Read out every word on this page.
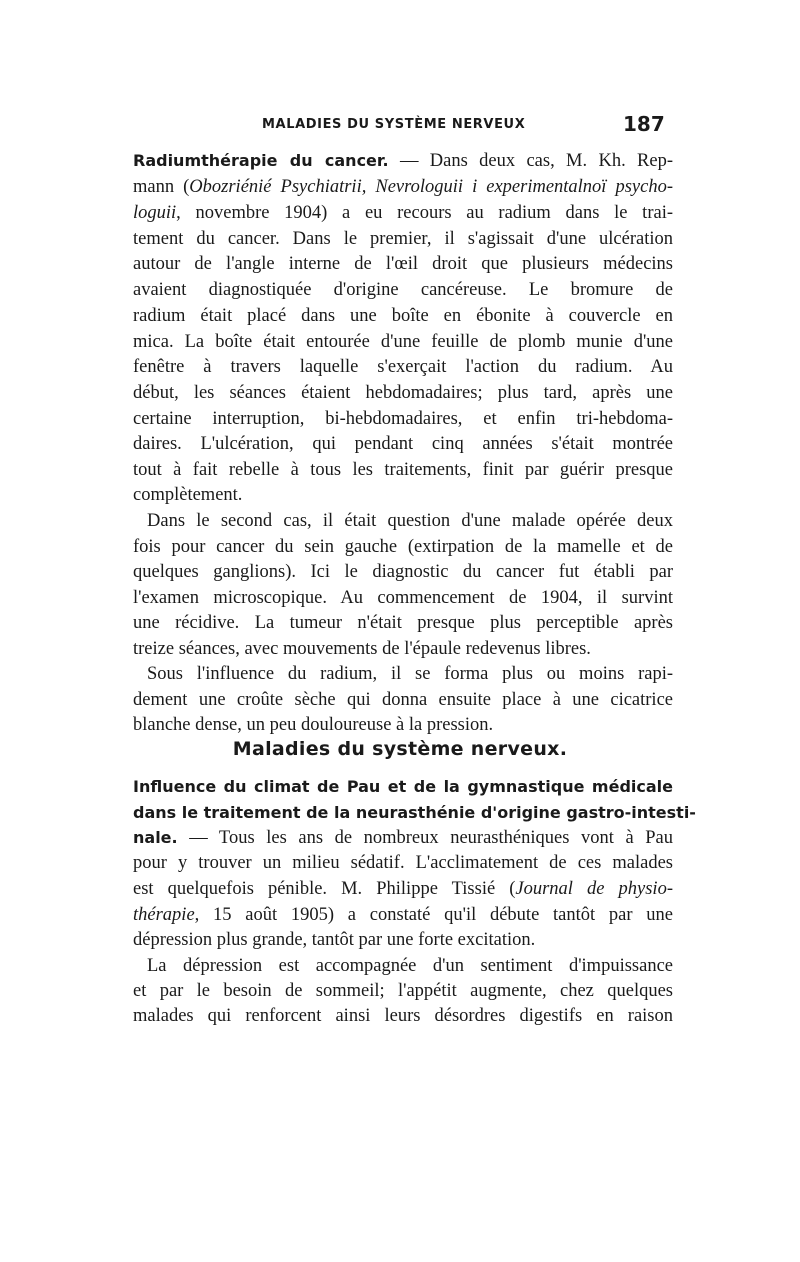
MALADIES DU SYSTÈME NERVEUX	187
Radiumthérapie du cancer. — Dans deux cas, M. Kh. Rep-
mann (Obozriénié Psychiatrii, Nevrologuii i experimentalnoï psycho-
loguii, novembre 1904) a eu recours au radium dans le trai-
tement du cancer. Dans le premier, il s'agissait d'une ulcération
autour de l'angle interne de l'œil droit que plusieurs médecins
avaient diagnostiquée d'origine cancéreuse. Le bromure de
radium était placé dans une boîte en ébonite à couvercle en
mica. La boîte était entourée d'une feuille de plomb munie d'une
fenêtre à travers laquelle s'exerçait l'action du radium. Au
début, les séances étaient hebdomadaires; plus tard, après une
certaine interruption, bi-hebdomadaires, et enfin tri-hebdoma-
daires. L'ulcération, qui pendant cinq années s'était montrée
tout à fait rebelle à tous les traitements, finit par guérir presque
complètement.
Dans le second cas, il était question d'une malade opérée deux
fois pour cancer du sein gauche (extirpation de la mamelle et de
quelques ganglions). Ici le diagnostic du cancer fut établi par
l'examen microscopique. Au commencement de 1904, il survint
une récidive. La tumeur n'était presque plus perceptible après
treize séances, avec mouvements de l'épaule redevenus libres.
Sous l'influence du radium, il se forma plus ou moins rapi-
dement une croûte sèche qui donna ensuite place à une cicatrice
blanche dense, un peu douloureuse à la pression.
Maladies du système nerveux.
Influence du climat de Pau et de la gymnastique médicale
dans le traitement de la neurasthénie d'origine gastro-intesti-
nale. — Tous les ans de nombreux neurasthéniques vont à Pau
pour y trouver un milieu sédatif. L'acclimatement de ces malades
est quelquefois pénible. M. Philippe Tissié (Journal de physio-
thérapie, 15 août 1905) a constaté qu'il débute tantôt par une
dépression plus grande, tantôt par une forte excitation.
La dépression est accompagnée d'un sentiment d'impuissance
et par le besoin de sommeil; l'appétit augmente, chez quelques
malades qui renforcent ainsi leurs désordres digestifs en raison
